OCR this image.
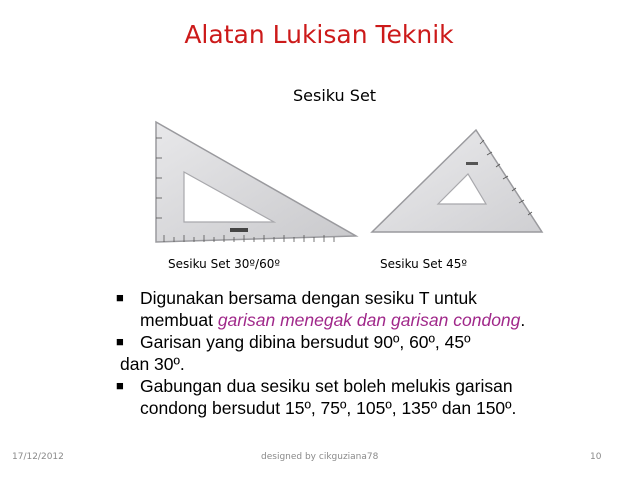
Alatan Lukisan Teknik
Sesiku Set
Sesiku Set 30º/60º	Sesiku Set 45º
■ Digunakan bersama dengan sesiku T untuk
membuat garisan menegak dan garisan condong.
■ Garisan yang dibina bersudut 90º, 60º, 45º
dan 30º.
■ Gabungan dua sesiku set boleh melukis garisan
condong bersudut 15º, 75º, 105º, 135º dan 150º.
17/12/2012	designed by cikguziana78	10
